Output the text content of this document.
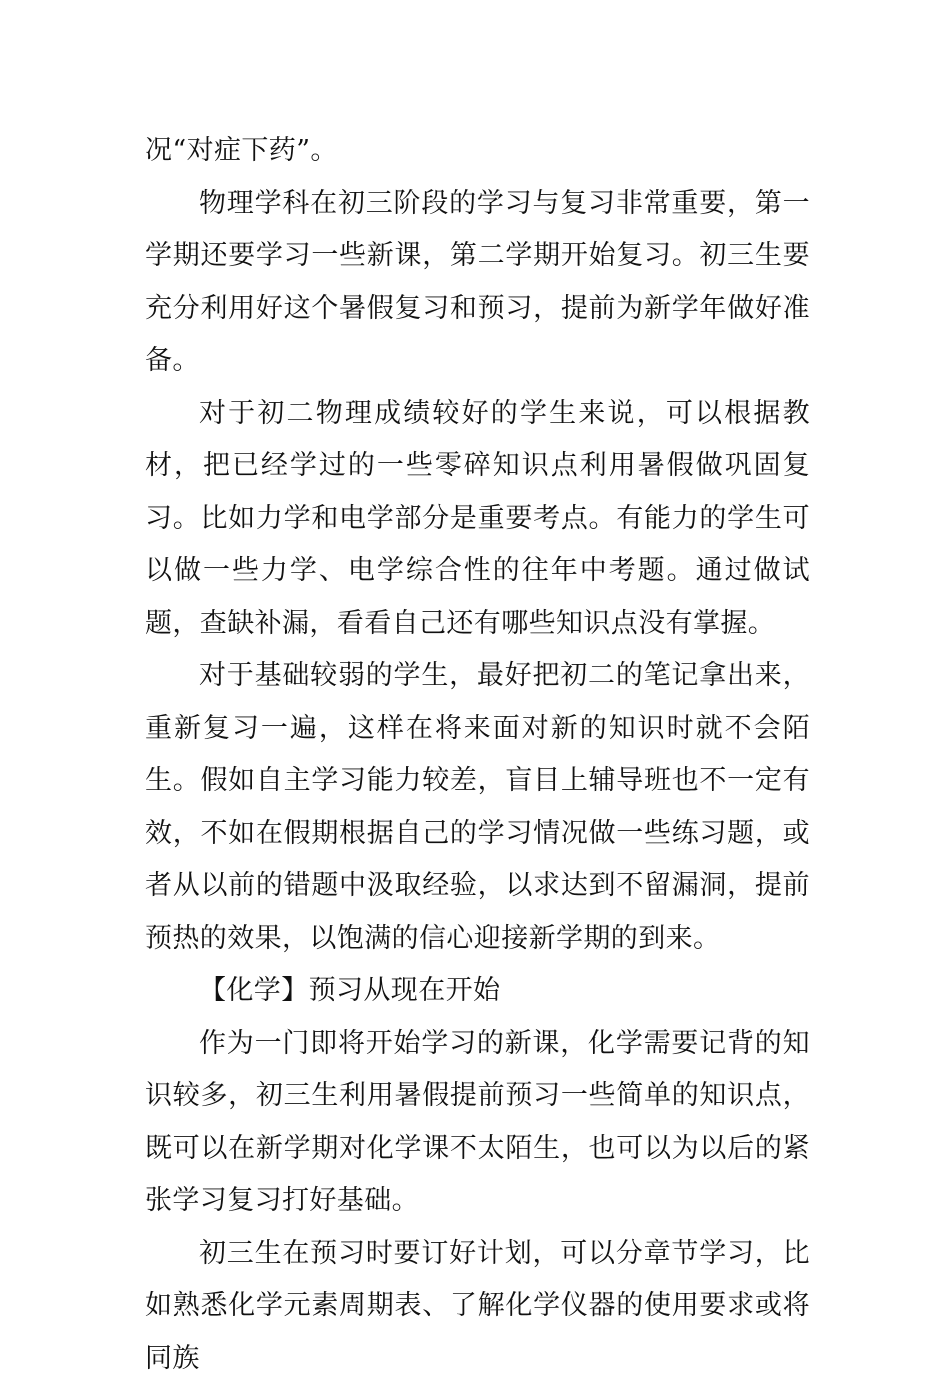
况“对症下药”。

物理学科在初三阶段的学习与复习非常重要，第一学期还要学习一些新课，第二学期开始复习。初三生要充分利用好这个暑假复习和预习，提前为新学年做好准备。

对于初二物理成绩较好的学生来说，可以根据教材，把已经学过的一些零碎知识点利用暑假做巩固复习。比如力学和电学部分是重要考点。有能力的学生可以做一些力学、电学综合性的往年中考题。通过做试题，查缺补漏，看看自己还有哪些知识点没有掌握。

对于基础较弱的学生，最好把初二的笔记拿出来，重新复习一遍，这样在将来面对新的知识时就不会陌生。假如自主学习能力较差，盲目上辅导班也不一定有效，不如在假期根据自己的学习情况做一些练习题，或者从以前的错题中汲取经验，以求达到不留漏洞，提前预热的效果，以饱满的信心迎接新学期的到来。

【化学】预习从现在开始

作为一门即将开始学习的新课，化学需要记背的知识较多，初三生利用暑假提前预习一些简单的知识点，既可以在新学期对化学课不太陌生，也可以为以后的紧张学习复习打好基础。

初三生在预习时要订好计划，可以分章节学习，比如熟悉化学元素周期表、了解化学仪器的使用要求或将同族
